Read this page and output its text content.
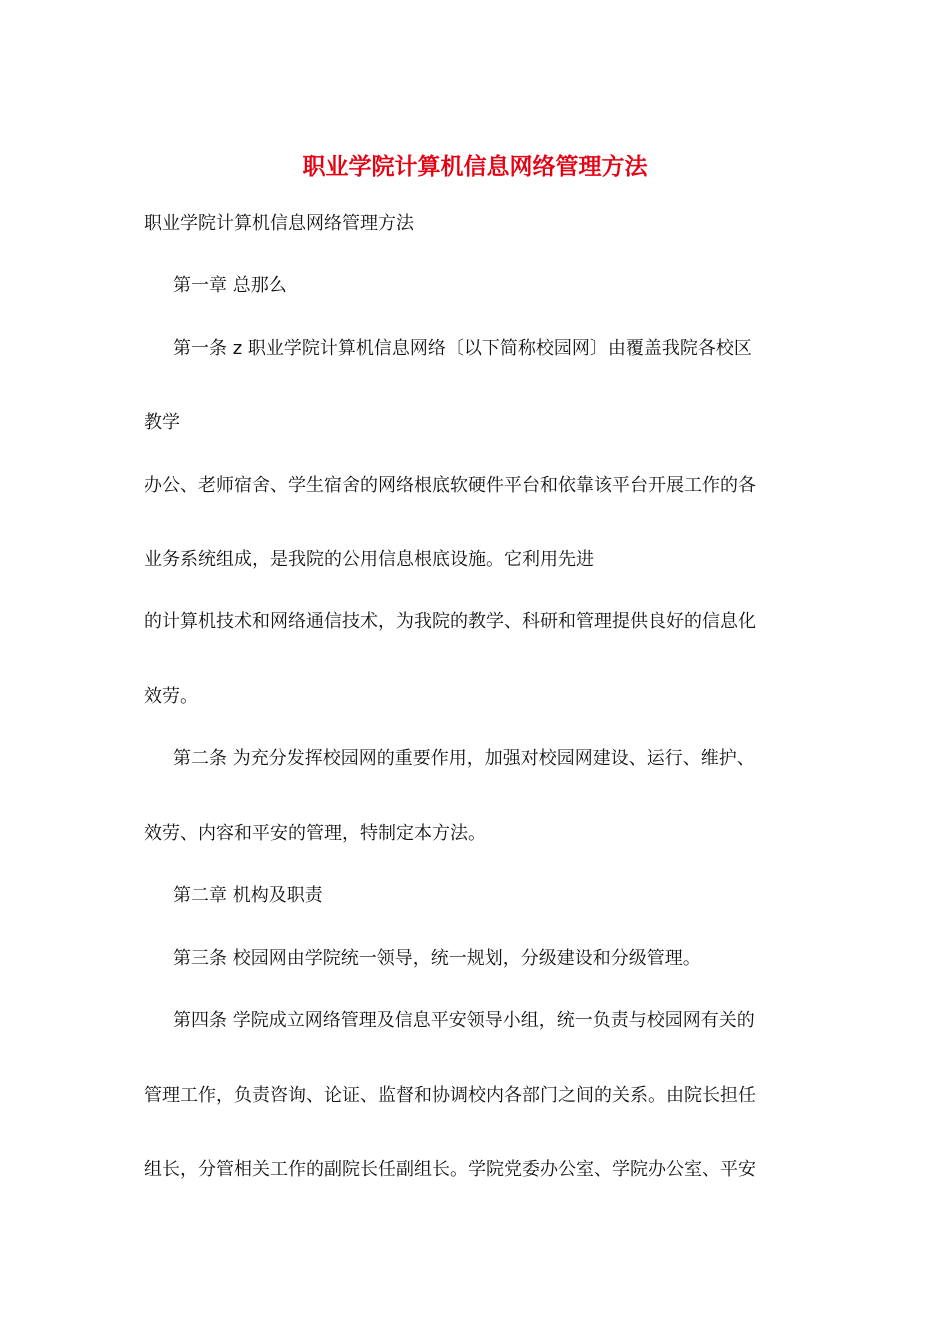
职业学院计算机信息网络管理方法
职业学院计算机信息网络管理方法
第一章 总那么
第一条 z 职业学院计算机信息网络〔以下简称校园网〕由覆盖我院各校区
教学
办公、老师宿舍、学生宿舍的网络根底软硬件平台和依靠该平台开展工作的各
业务系统组成，是我院的公用信息根底设施。它利用先进
的计算机技术和网络通信技术，为我院的教学、科研和管理提供良好的信息化
效劳。
第二条 为充分发挥校园网的重要作用，加强对校园网建设、运行、维护、
效劳、内容和平安的管理，特制定本方法。
第二章 机构及职责
第三条 校园网由学院统一领导，统一规划，分级建设和分级管理。
第四条 学院成立网络管理及信息平安领导小组，统一负责与校园网有关的
管理工作，负责咨询、论证、监督和协调校内各部门之间的关系。由院长担任
组长，分管相关工作的副院长任副组长。学院党委办公室、学院办公室、平安
